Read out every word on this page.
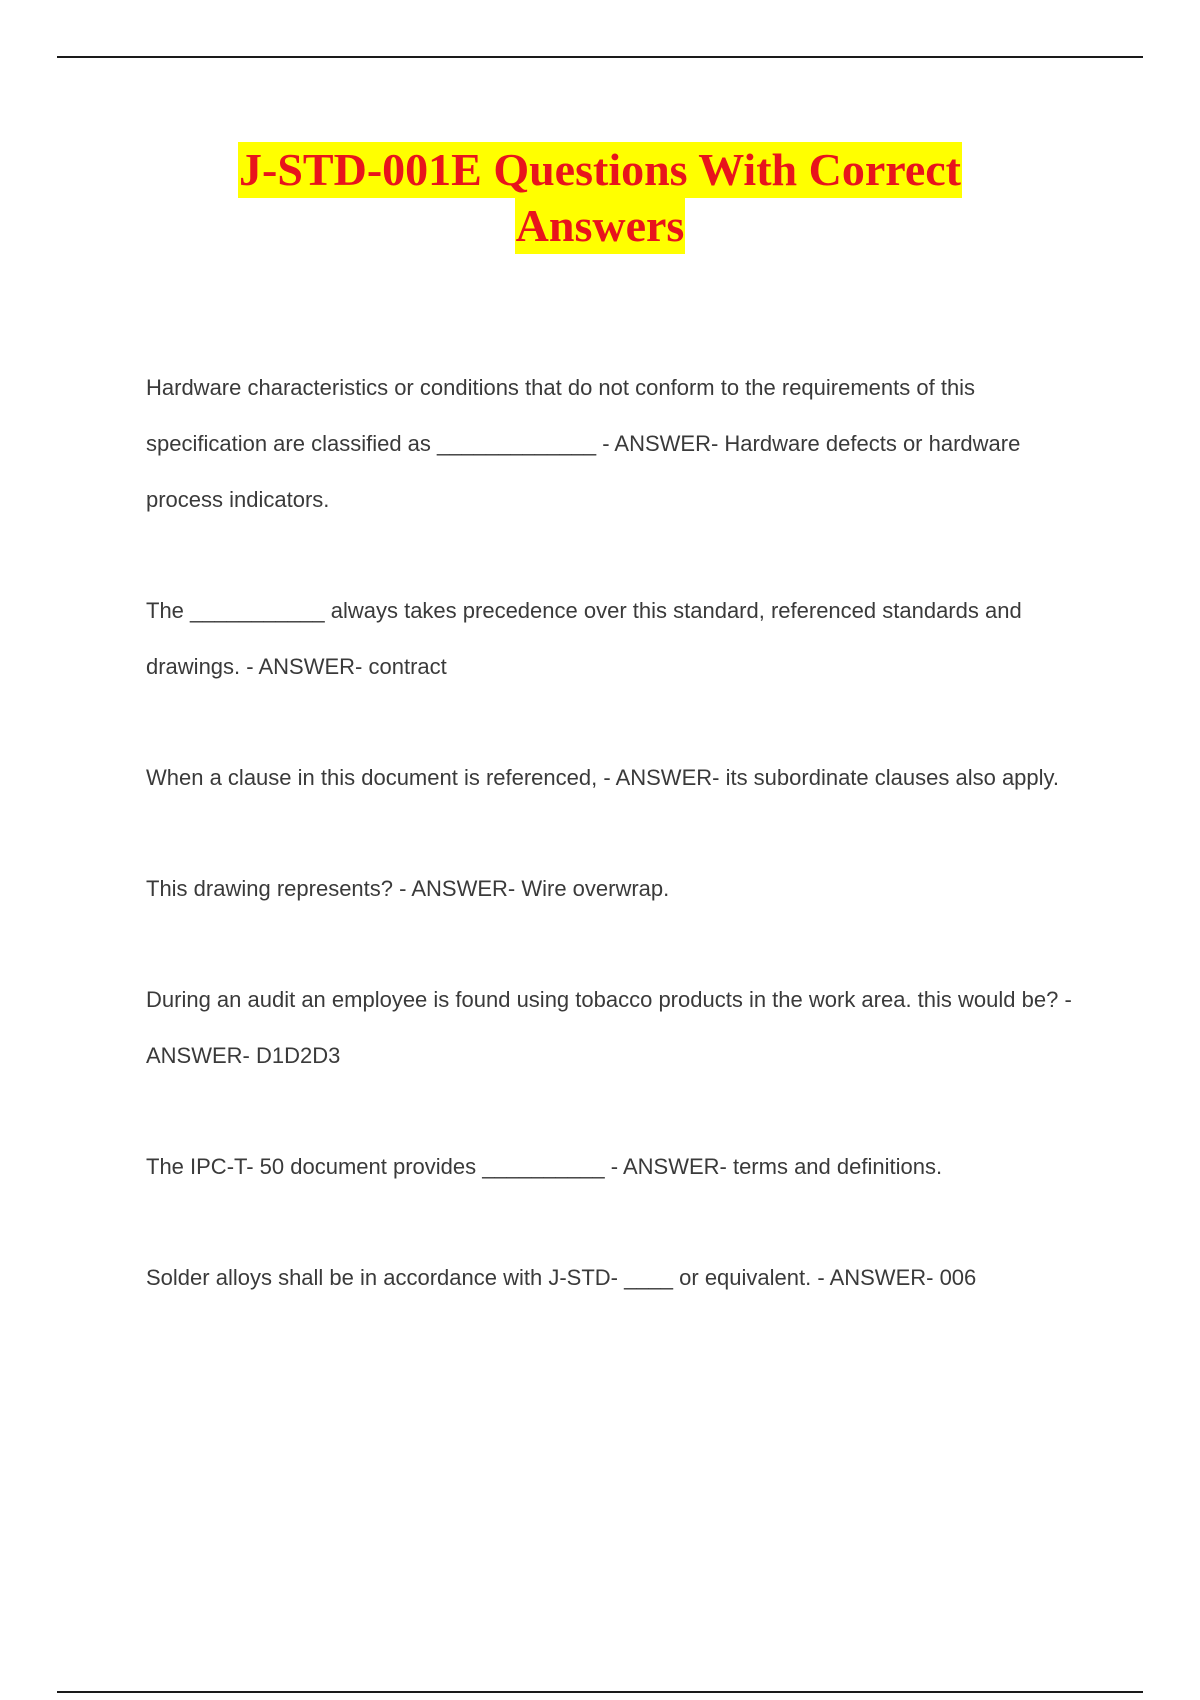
J-STD-001E Questions With Correct
Answers

Hardware characteristics or conditions that do not conform to the requirements of this specification are classified as _____________ - ANSWER- Hardware defects or hardware process indicators.

The ___________ always takes precedence over this standard, referenced standards and drawings. - ANSWER- contract

When a clause in this document is referenced, - ANSWER- its subordinate clauses also apply.

This drawing represents? - ANSWER- Wire overwrap.

During an audit an employee is found using tobacco products in the work area. this would be? - ANSWER- D1D2D3

The IPC-T- 50 document provides __________ - ANSWER- terms and definitions.

Solder alloys shall be in accordance with J-STD- ____ or equivalent. - ANSWER- 006
